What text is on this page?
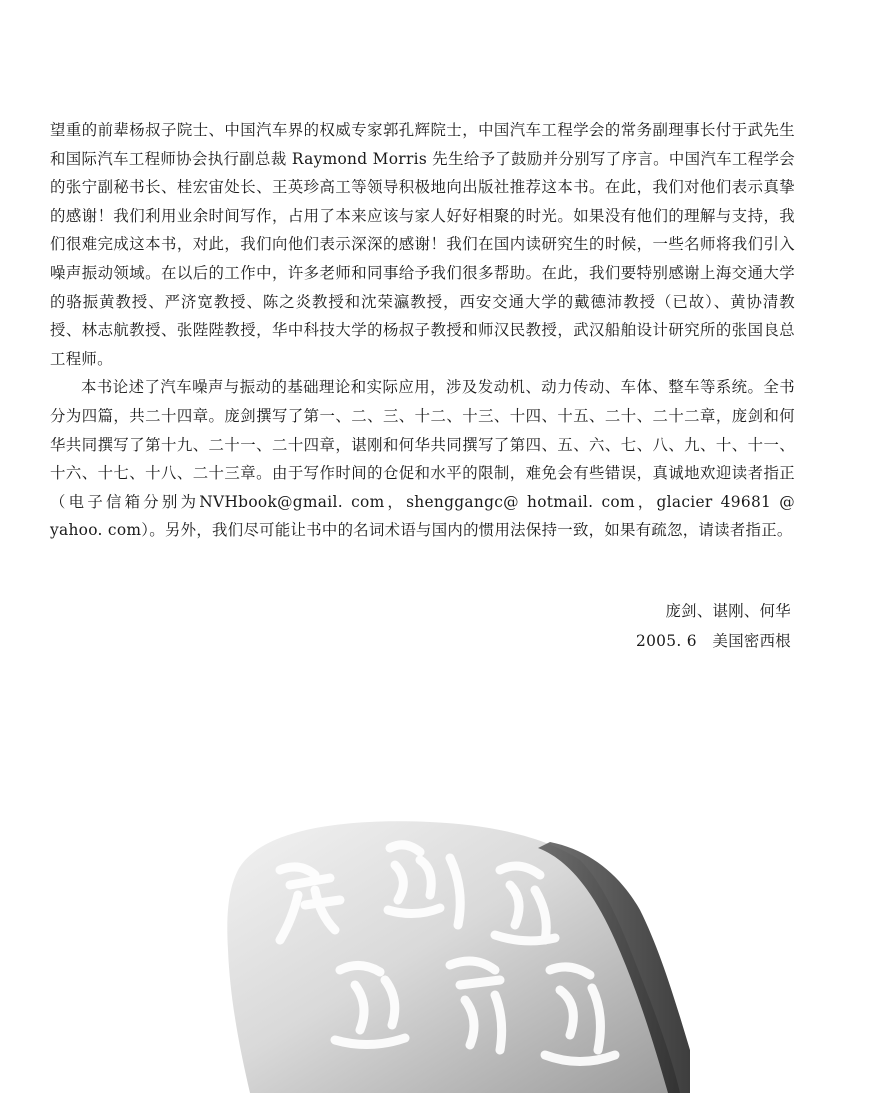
望重的前辈杨叔子院士、中国汽车界的权威专家郭孔辉院士，中国汽车工程学会的常务副理事长付于武先生和国际汽车工程师协会执行副总裁 Raymond Morris 先生给予了鼓励并分别写了序言。中国汽车工程学会的张宁副秘书长、桂宏宙处长、王英珍高工等领导积极地向出版社推荐这本书。在此，我们对他们表示真挚的感谢！我们利用业余时间写作，占用了本来应该与家人好好相聚的时光。如果没有他们的理解与支持，我们很难完成这本书，对此，我们向他们表示深深的感谢！我们在国内读研究生的时候，一些名师将我们引入噪声振动领域。在以后的工作中，许多老师和同事给予我们很多帮助。在此，我们要特别感谢上海交通大学的骆振黄教授、严济宽教授、陈之炎教授和沈荣瀛教授，西安交通大学的戴德沛教授（已故）、黄协清教授、林志航教授、张陛陛教授，华中科技大学的杨叔子教授和师汉民教授，武汉船舶设计研究所的张国良总工程师。

本书论述了汽车噪声与振动的基础理论和实际应用，涉及发动机、动力传动、车体、整车等系统。全书分为四篇，共二十四章。庞剑撰写了第一、二、三、十二、十三、十四、十五、二十、二十二章，庞剑和何华共同撰写了第十九、二十一、二十四章，谌刚和何华共同撰写了第四、五、六、七、八、九、十、十一、十六、十七、十八、二十三章。由于写作时间的仓促和水平的限制，难免会有些错误，真诚地欢迎读者指正（电子信箱分别为NVHbook@gmail. com，shenggangc@ hotmail. com，glacier 49681 @ yahoo. com）。另外，我们尽可能让书中的名词术语与国内的惯用法保持一致，如果有疏忽，请读者指正。

庞剑、谌刚、何华
2005. 6　美国密西根
